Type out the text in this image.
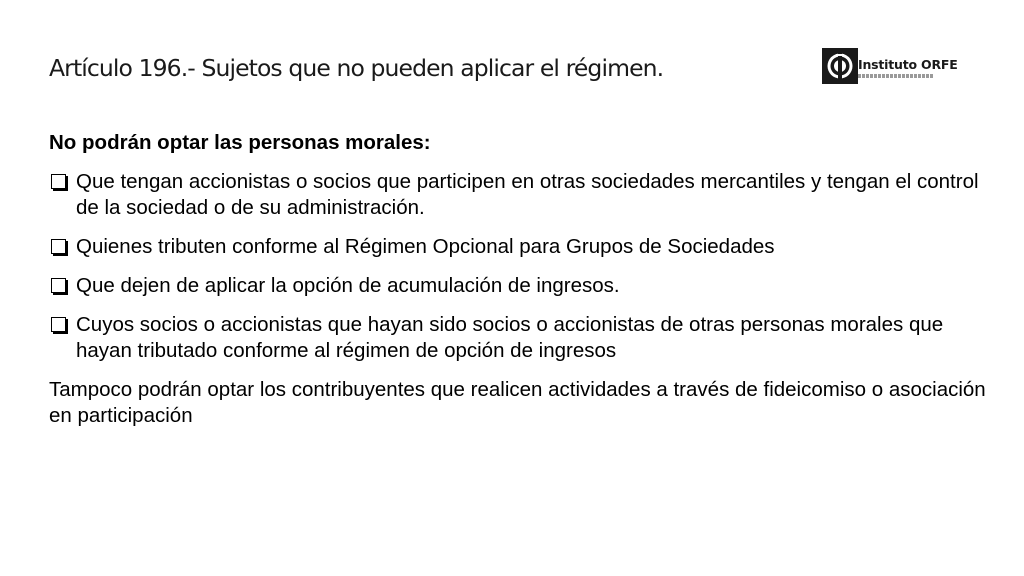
Artículo 196.- Sujetos que no pueden aplicar el régimen.	Instituto ORFE
No podrán optar las personas morales:
Que tengan accionistas o socios que participen en otras sociedades mercantiles y tengan el control de la sociedad o de su administración.
Quienes tributen conforme al Régimen Opcional para Grupos de Sociedades
Que dejen de aplicar la opción de acumulación de ingresos.
Cuyos socios o accionistas que hayan sido socios o accionistas de otras personas morales que hayan tributado conforme al régimen de opción de ingresos
Tampoco podrán optar los contribuyentes que realicen actividades a través de fideicomiso o asociación en participación
